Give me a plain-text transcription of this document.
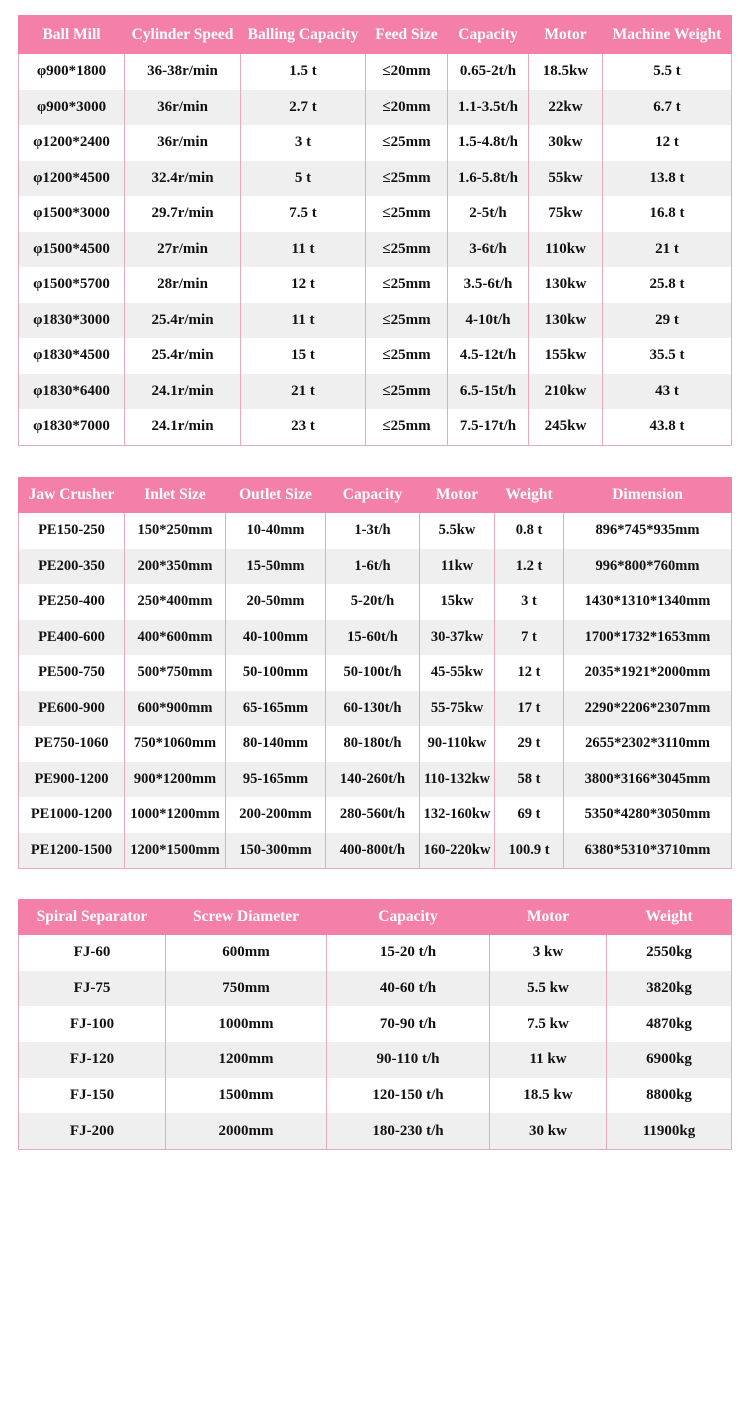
Ball Mill	Cylinder Speed	Balling Capacity	Feed Size	Capacity	Motor	Machine Weight
φ900*1800	36-38r/min	1.5 t	≤20mm	0.65-2t/h	18.5kw	5.5 t
φ900*3000	36r/min	2.7 t	≤20mm	1.1-3.5t/h	22kw	6.7 t
φ1200*2400	36r/min	3 t	≤25mm	1.5-4.8t/h	30kw	12 t
φ1200*4500	32.4r/min	5 t	≤25mm	1.6-5.8t/h	55kw	13.8 t
φ1500*3000	29.7r/min	7.5 t	≤25mm	2-5t/h	75kw	16.8 t
φ1500*4500	27r/min	11 t	≤25mm	3-6t/h	110kw	21 t
φ1500*5700	28r/min	12 t	≤25mm	3.5-6t/h	130kw	25.8 t
φ1830*3000	25.4r/min	11 t	≤25mm	4-10t/h	130kw	29 t
φ1830*4500	25.4r/min	15 t	≤25mm	4.5-12t/h	155kw	35.5 t
φ1830*6400	24.1r/min	21 t	≤25mm	6.5-15t/h	210kw	43 t
φ1830*7000	24.1r/min	23 t	≤25mm	7.5-17t/h	245kw	43.8 t
Jaw Crusher	Inlet Size	Outlet Size	Capacity	Motor	Weight	Dimension
PE150-250	150*250mm	10-40mm	1-3t/h	5.5kw	0.8 t	896*745*935mm
PE200-350	200*350mm	15-50mm	1-6t/h	11kw	1.2 t	996*800*760mm
PE250-400	250*400mm	20-50mm	5-20t/h	15kw	3 t	1430*1310*1340mm
PE400-600	400*600mm	40-100mm	15-60t/h	30-37kw	7 t	1700*1732*1653mm
PE500-750	500*750mm	50-100mm	50-100t/h	45-55kw	12 t	2035*1921*2000mm
PE600-900	600*900mm	65-165mm	60-130t/h	55-75kw	17 t	2290*2206*2307mm
PE750-1060	750*1060mm	80-140mm	80-180t/h	90-110kw	29 t	2655*2302*3110mm
PE900-1200	900*1200mm	95-165mm	140-260t/h	110-132kw	58 t	3800*3166*3045mm
PE1000-1200	1000*1200mm	200-200mm	280-560t/h	132-160kw	69 t	5350*4280*3050mm
PE1200-1500	1200*1500mm	150-300mm	400-800t/h	160-220kw	100.9 t	6380*5310*3710mm
Spiral Separator	Screw Diameter	Capacity	Motor	Weight
FJ-60	600mm	15-20 t/h	3 kw	2550kg
FJ-75	750mm	40-60 t/h	5.5 kw	3820kg
FJ-100	1000mm	70-90 t/h	7.5 kw	4870kg
FJ-120	1200mm	90-110 t/h	11 kw	6900kg
FJ-150	1500mm	120-150 t/h	18.5 kw	8800kg
FJ-200	2000mm	180-230 t/h	30 kw	11900kg
